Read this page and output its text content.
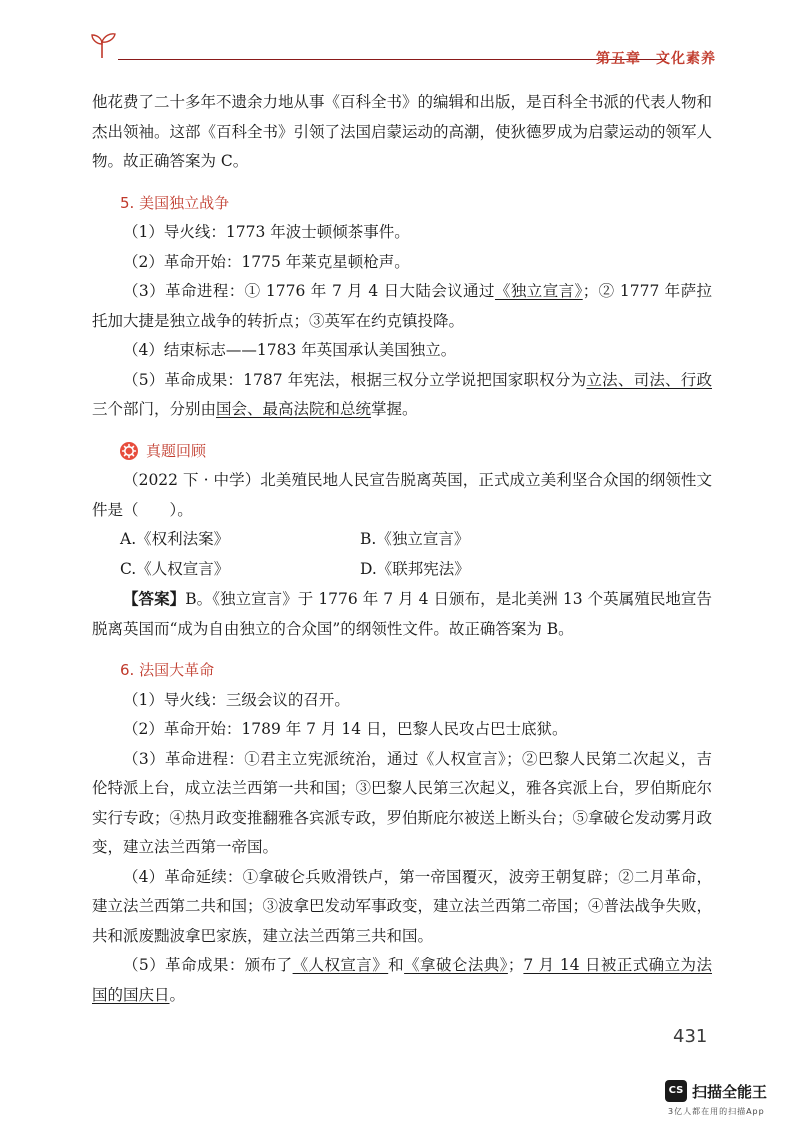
第五章　文化素养
他花费了二十多年不遗余力地从事《百科全书》的编辑和出版，是百科全书派的代表人物和杰出领袖。这部《百科全书》引领了法国启蒙运动的高潮，使狄德罗成为启蒙运动的领军人物。故正确答案为 C。
5. 美国独立战争
（1）导火线：1773 年波士顿倾茶事件。
（2）革命开始：1775 年莱克星顿枪声。
（3）革命进程：① 1776 年 7 月 4 日大陆会议通过《独立宣言》；② 1777 年萨拉托加大捷是独立战争的转折点；③英军在约克镇投降。
（4）结束标志——1783 年英国承认美国独立。
（5）革命成果：1787 年宪法，根据三权分立学说把国家职权分为立法、司法、行政三个部门，分别由国会、最高法院和总统掌握。
真题回顾
（2022 下 · 中学）北美殖民地人民宣告脱离英国，正式成立美利坚合众国的纲领性文件是（　　）。
A.《权利法案》	B.《独立宣言》
C.《人权宣言》	D.《联邦宪法》
【答案】B。《独立宣言》于 1776 年 7 月 4 日颁布，是北美洲 13 个英属殖民地宣告脱离英国而“成为自由独立的合众国”的纲领性文件。故正确答案为 B。
6. 法国大革命
（1）导火线：三级会议的召开。
（2）革命开始：1789 年 7 月 14 日，巴黎人民攻占巴士底狱。
（3）革命进程：①君主立宪派统治，通过《人权宣言》；②巴黎人民第二次起义，吉伦特派上台，成立法兰西第一共和国；③巴黎人民第三次起义，雅各宾派上台，罗伯斯庇尔实行专政；④热月政变推翻雅各宾派专政，罗伯斯庇尔被送上断头台；⑤拿破仑发动雾月政变，建立法兰西第一帝国。
（4）革命延续：①拿破仑兵败滑铁卢，第一帝国覆灭，波旁王朝复辟；②二月革命，建立法兰西第二共和国；③波拿巴发动军事政变，建立法兰西第二帝国；④普法战争失败，共和派废黜波拿巴家族，建立法兰西第三共和国。
（5）革命成果：颁布了《人权宣言》和《拿破仑法典》；7 月 14 日被正式确立为法国的国庆日。
431
CS 扫描全能王
3亿人都在用的扫描App
